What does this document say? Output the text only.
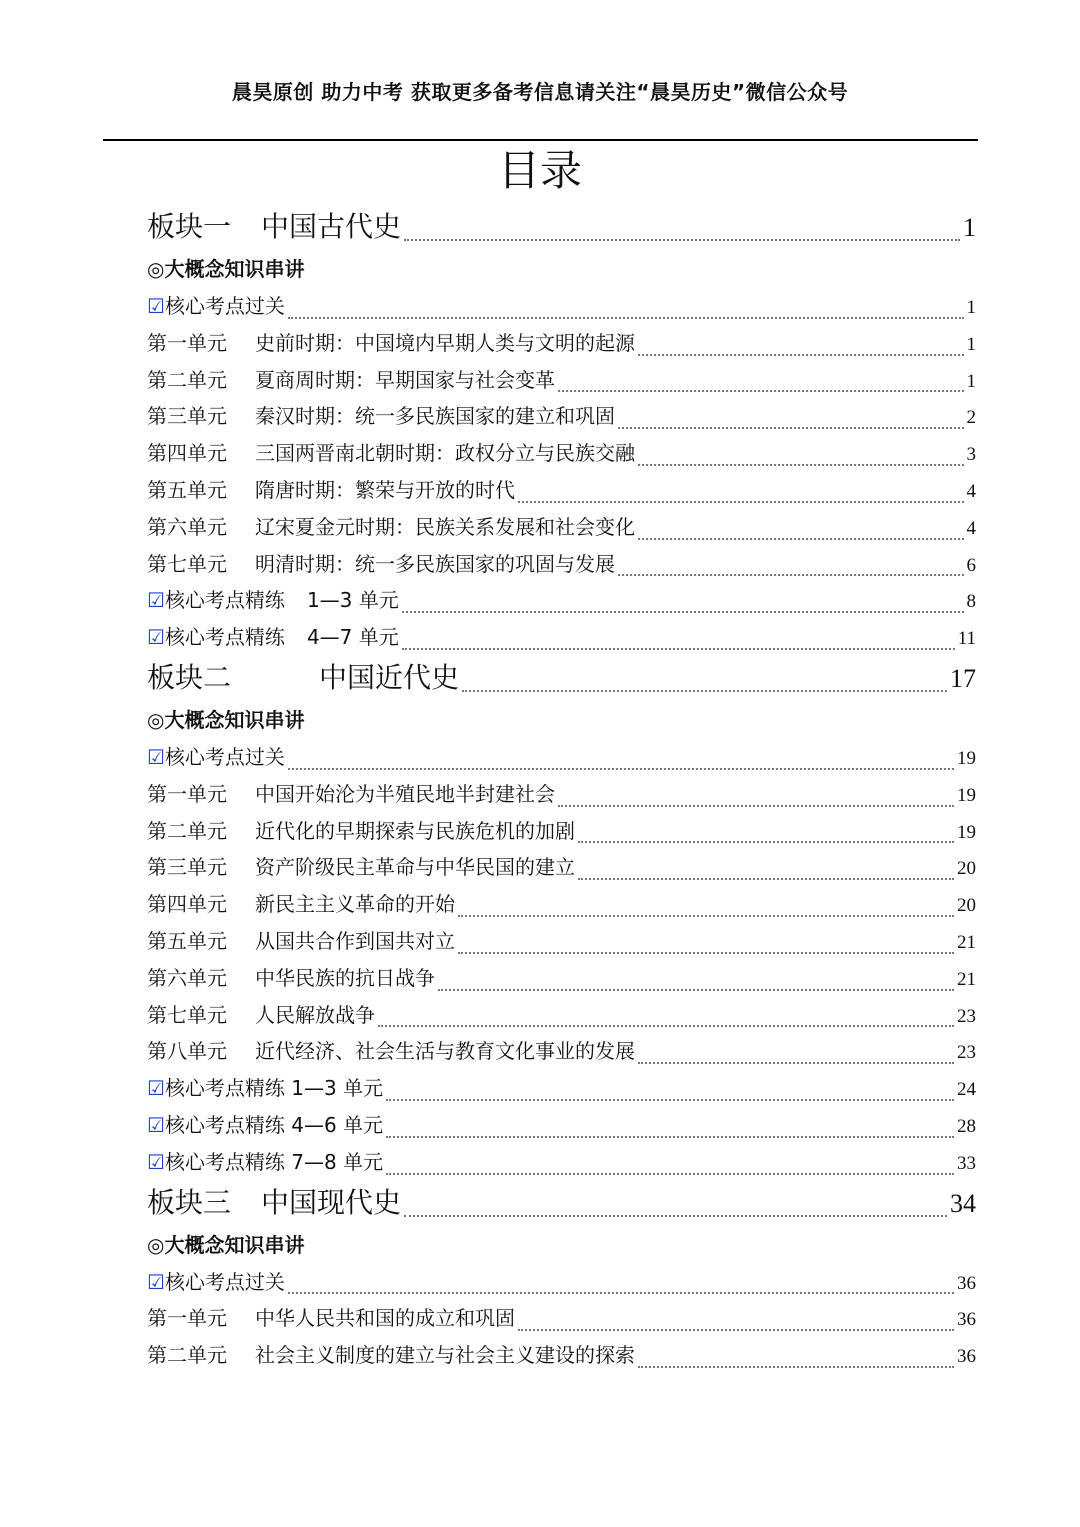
晨昊原创 助力中考 获取更多备考信息请关注“晨昊历史”微信公众号
目录
板块一 中国古代史	1
◎ 大概念知识串讲
☑核心考点过关	1
第一单元 史前时期：中国境内早期人类与文明的起源	1
第二单元 夏商周时期：早期国家与社会变革	1
第三单元 秦汉时期：统一多民族国家的建立和巩固	2
第四单元 三国两晋南北朝时期：政权分立与民族交融	3
第五单元 隋唐时期：繁荣与开放的时代	4
第六单元 辽宋夏金元时期：民族关系发展和社会变化	4
第七单元 明清时期：统一多民族国家的巩固与发展	6
☑核心考点精练 1—3 单元	8
☑核心考点精练 4—7 单元	11
板块二	中国近代史	17
◎ 大概念知识串讲
☑核心考点过关	19
第一单元 中国开始沦为半殖民地半封建社会	19
第二单元 近代化的早期探索与民族危机的加剧	19
第三单元 资产阶级民主革命与中华民国的建立	20
第四单元 新民主主义革命的开始	20
第五单元 从国共合作到国共对立	21
第六单元 中华民族的抗日战争	21
第七单元 人民解放战争	23
第八单元 近代经济、社会生活与教育文化事业的发展	23
☑核心考点精练 1—3 单元	24
☑核心考点精练 4—6 单元	28
☑核心考点精练 7—8 单元	33
板块三 中国现代史	34
◎ 大概念知识串讲
☑核心考点过关	36
第一单元 中华人民共和国的成立和巩固	36
第二单元 社会主义制度的建立与社会主义建设的探索	36
